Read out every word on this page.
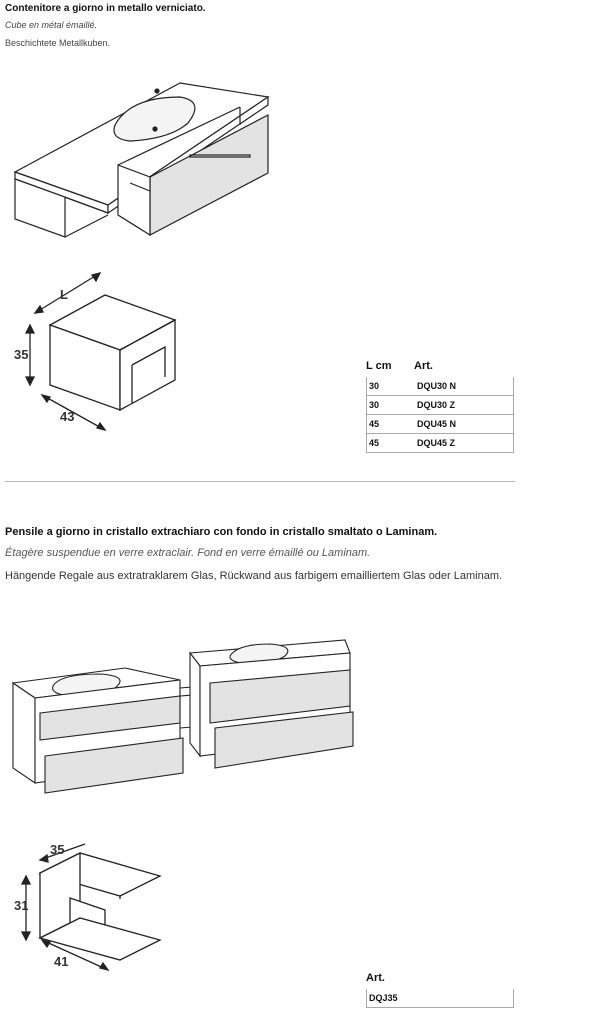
Contenitore a giorno in metallo verniciato.
Cube en métal émaillé.
Beschichtete Metallkuben.
L
35
43
L cm	Art.
30	DQU30 N
30	DQU30 Z
45	DQU45 N
45	DQU45 Z
Pensile a giorno in cristallo extrachiaro con fondo in cristallo smaltato o Laminam.
Étagère suspendue en verre extraclair. Fond en verre émaillé ou Laminam.
Hängende Regale aus extratraklarem Glas, Rückwand aus farbigem emailliertem Glas oder Laminam.
35
31
41
Art.
DQJ35
